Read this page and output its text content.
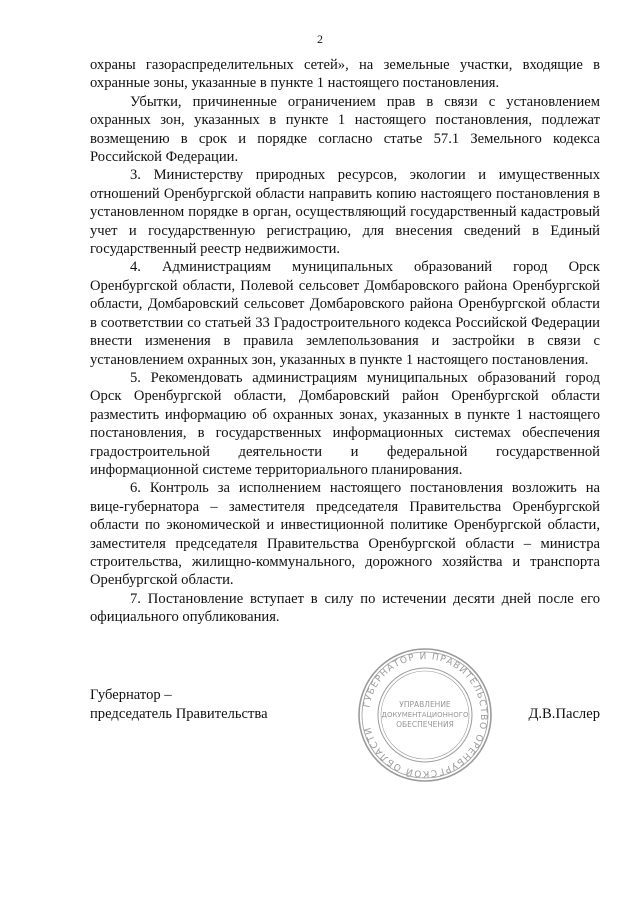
2

охраны газораспределительных сетей», на земельные участки, входящие в охранные зоны, указанные в пункте 1 настоящего постановления.

Убытки, причиненные ограничением прав в связи с установлением охранных зон, указанных в пункте 1 настоящего постановления, подлежат возмещению в срок и порядке согласно статье 57.1 Земельного кодекса Российской Федерации.

3. Министерству природных ресурсов, экологии и имущественных отношений Оренбургской области направить копию настоящего постановления в установленном порядке в орган, осуществляющий государственный кадастровый учет и государственную регистрацию, для внесения сведений в Единый государственный реестр недвижимости.

4. Администрациям муниципальных образований город Орск Оренбургской области, Полевой сельсовет Домбаровского района Оренбургской области, Домбаровский сельсовет Домбаровского района Оренбургской области в соответствии со статьей 33 Градостроительного кодекса Российской Федерации внести изменения в правила землепользования и застройки в связи с установлением охранных зон, указанных в пункте 1 настоящего постановления.

5. Рекомендовать администрациям муниципальных образований город Орск Оренбургской области, Домбаровский район Оренбургской области разместить информацию об охранных зонах, указанных в пункте 1 настоящего постановления, в государственных информационных системах обеспечения градостроительной деятельности и федеральной государственной информационной системе территориального планирования.

6. Контроль за исполнением настоящего постановления возложить на вице-губернатора – заместителя председателя Правительства Оренбургской области по экономической и инвестиционной политике Оренбургской области, заместителя председателя Правительства Оренбургской области – министра строительства, жилищно-коммунального, дорожного хозяйства и транспорта Оренбургской области.

7. Постановление вступает в силу по истечении десяти дней после его официального опубликования.

ГУБЕРНАТОР И ПРАВИТЕЛЬСТВО ОРЕНБУРГСКОЙ ОБЛАСТИ
УПРАВЛЕНИЕ
ДОКУМЕНТАЦИОННОГО
ОБЕСПЕЧЕНИЯ
Губернатор –
председатель Правительства	Д.В.Паслер
